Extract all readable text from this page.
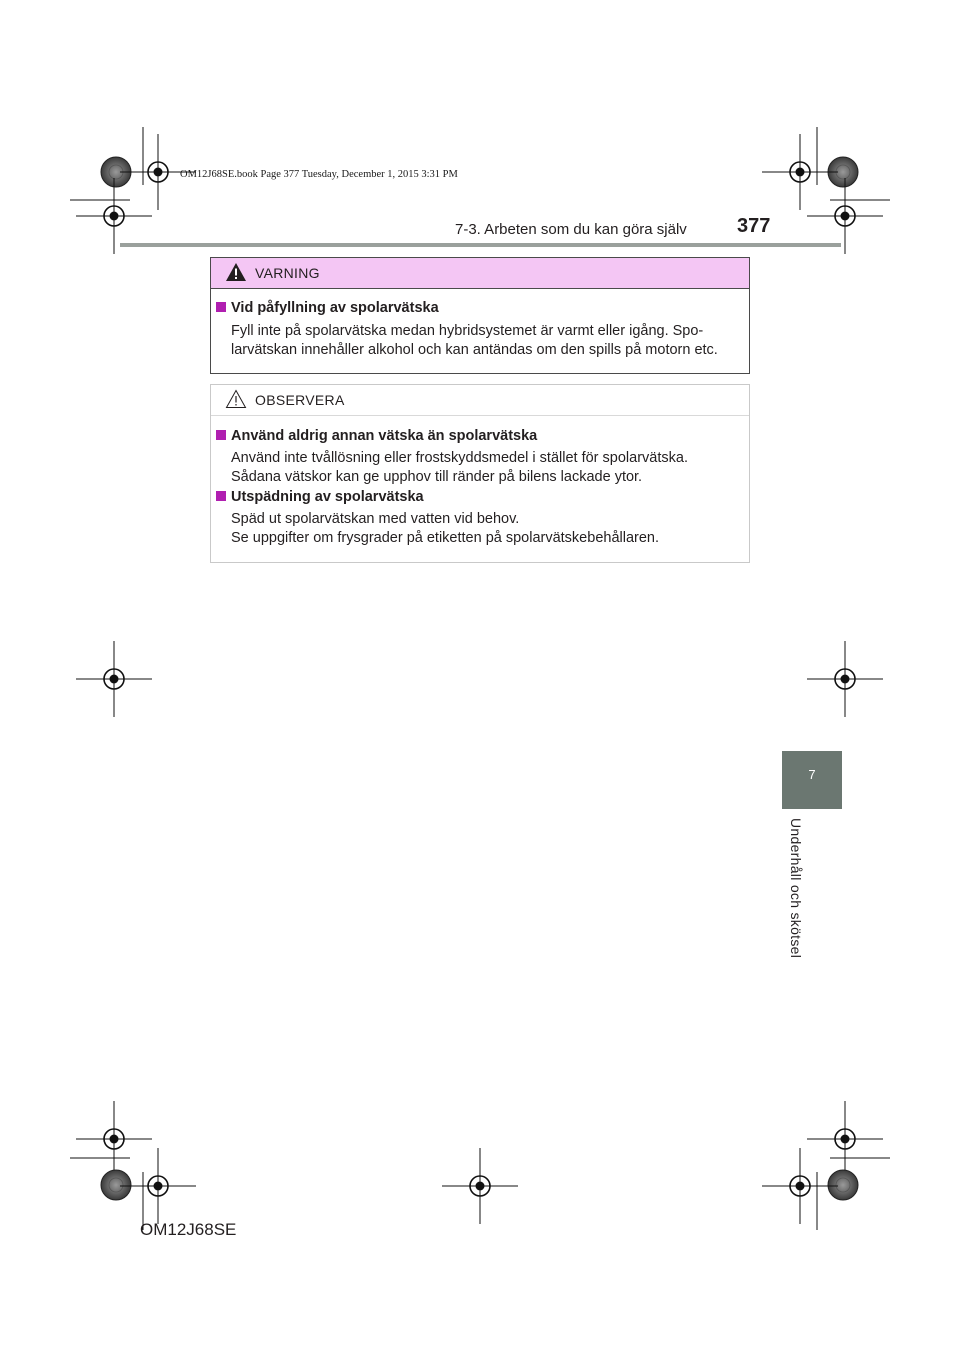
OM12J68SE.book Page 377 Tuesday, December 1, 2015 3:31 PM
7-3. Arbeten som du kan göra själv	377
7
Underhåll och skötsel
VARNING
Vid påfyllning av spolarvätska
Fyll inte på spolarvätska medan hybridsystemet är varmt eller igång. Spo-
larvätskan innehåller alkohol och kan antändas om den spills på motorn etc.
OBSERVERA
Använd aldrig annan vätska än spolarvätska
Använd inte tvållösning eller frostskyddsmedel i stället för spolarvätska.
Sådana vätskor kan ge upphov till ränder på bilens lackade ytor.
Utspädning av spolarvätska
Späd ut spolarvätskan med vatten vid behov.
Se uppgifter om frysgrader på etiketten på spolarvätskebehållaren.
OM12J68SE
